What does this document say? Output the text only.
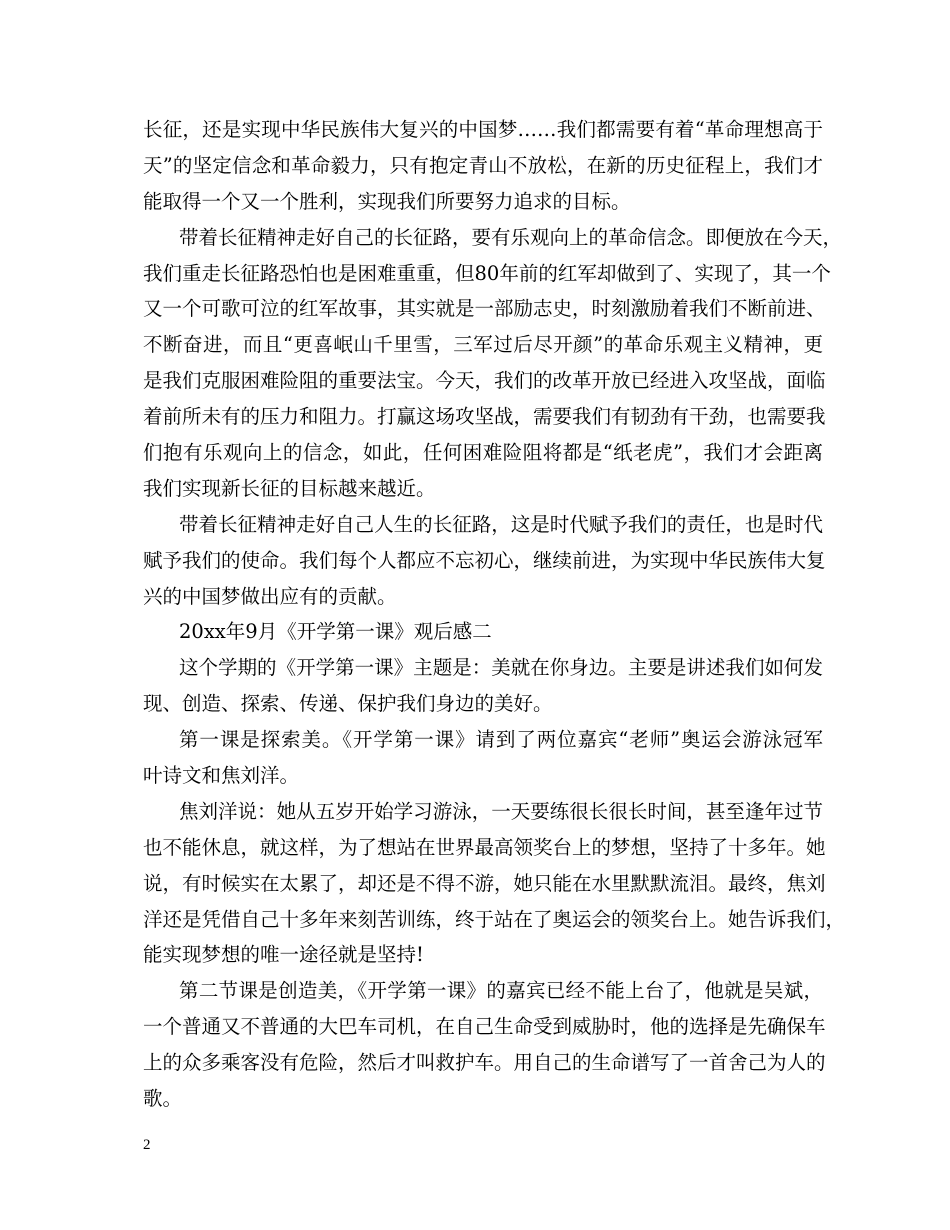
长征，还是实现中华民族伟大复兴的中国梦……我们都需要有着“革命理想高于
天”的坚定信念和革命毅力，只有抱定青山不放松，在新的历史征程上，我们才
能取得一个又一个胜利，实现我们所要努力追求的目标。
带着长征精神走好自己的长征路，要有乐观向上的革命信念。即便放在今天，
我们重走长征路恐怕也是困难重重，但80年前的红军却做到了、实现了，其一个
又一个可歌可泣的红军故事，其实就是一部励志史，时刻激励着我们不断前进、
不断奋进，而且“更喜岷山千里雪，三军过后尽开颜”的革命乐观主义精神，更
是我们克服困难险阻的重要法宝。今天，我们的改革开放已经进入攻坚战，面临
着前所未有的压力和阻力。打赢这场攻坚战，需要我们有韧劲有干劲，也需要我
们抱有乐观向上的信念，如此，任何困难险阻将都是“纸老虎”，我们才会距离
我们实现新长征的目标越来越近。
带着长征精神走好自己人生的长征路，这是时代赋予我们的责任，也是时代
赋予我们的使命。我们每个人都应不忘初心，继续前进，为实现中华民族伟大复
兴的中国梦做出应有的贡献。
20xx年9月《开学第一课》观后感二
这个学期的《开学第一课》主题是：美就在你身边。主要是讲述我们如何发
现、创造、探索、传递、保护我们身边的美好。
第一课是探索美。《开学第一课》请到了两位嘉宾“老师”奥运会游泳冠军
叶诗文和焦刘洋。
焦刘洋说：她从五岁开始学习游泳，一天要练很长很长时间，甚至逢年过节
也不能休息，就这样，为了想站在世界最高领奖台上的梦想，坚持了十多年。她
说，有时候实在太累了，却还是不得不游，她只能在水里默默流泪。最终，焦刘
洋还是凭借自己十多年来刻苦训练，终于站在了奥运会的领奖台上。她告诉我们，
能实现梦想的唯一途径就是坚持!
第二节课是创造美，《开学第一课》的嘉宾已经不能上台了，他就是吴斌，
一个普通又不普通的大巴车司机，在自己生命受到威胁时，他的选择是先确保车
上的众多乘客没有危险，然后才叫救护车。用自己的生命谱写了一首舍己为人的
歌。
2
